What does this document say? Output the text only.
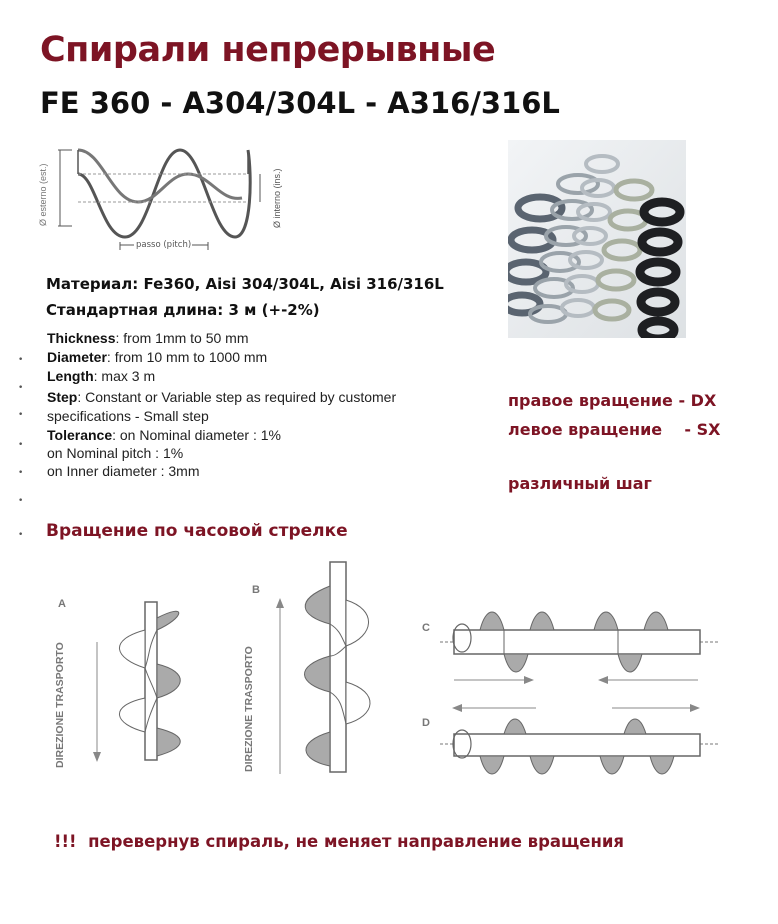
Спирали непрерывные
FE 360 - A304/304L - A316/316L
Ø esterno (est.)	Ø interno (ins.)
passo (pitch)
Материал: Fe360, Aisi 304/304L, Aisi 316/316L
Стандартная длина: 3 м (+-2%)
•
•
•
•
•
•
•
Thickness: from 1mm to 50 mm
Diameter: from 10 mm to 1000 mm
Length: max 3 m
Step: Constant or Variable step as required by customer
specifications - Small step
Tolerance: on Nominal diameter : 1%
on Nominal pitch : 1%
on Inner diameter : 3mm
правое вращение - DX
левое вращение    - SX
различный шаг
Вращение по часовой стрелке
A
B
C
D
DIREZIONE TRASPORTO	DIREZIONE TRASPORTO
!!!  перевернув спираль, не меняет направление вращения
